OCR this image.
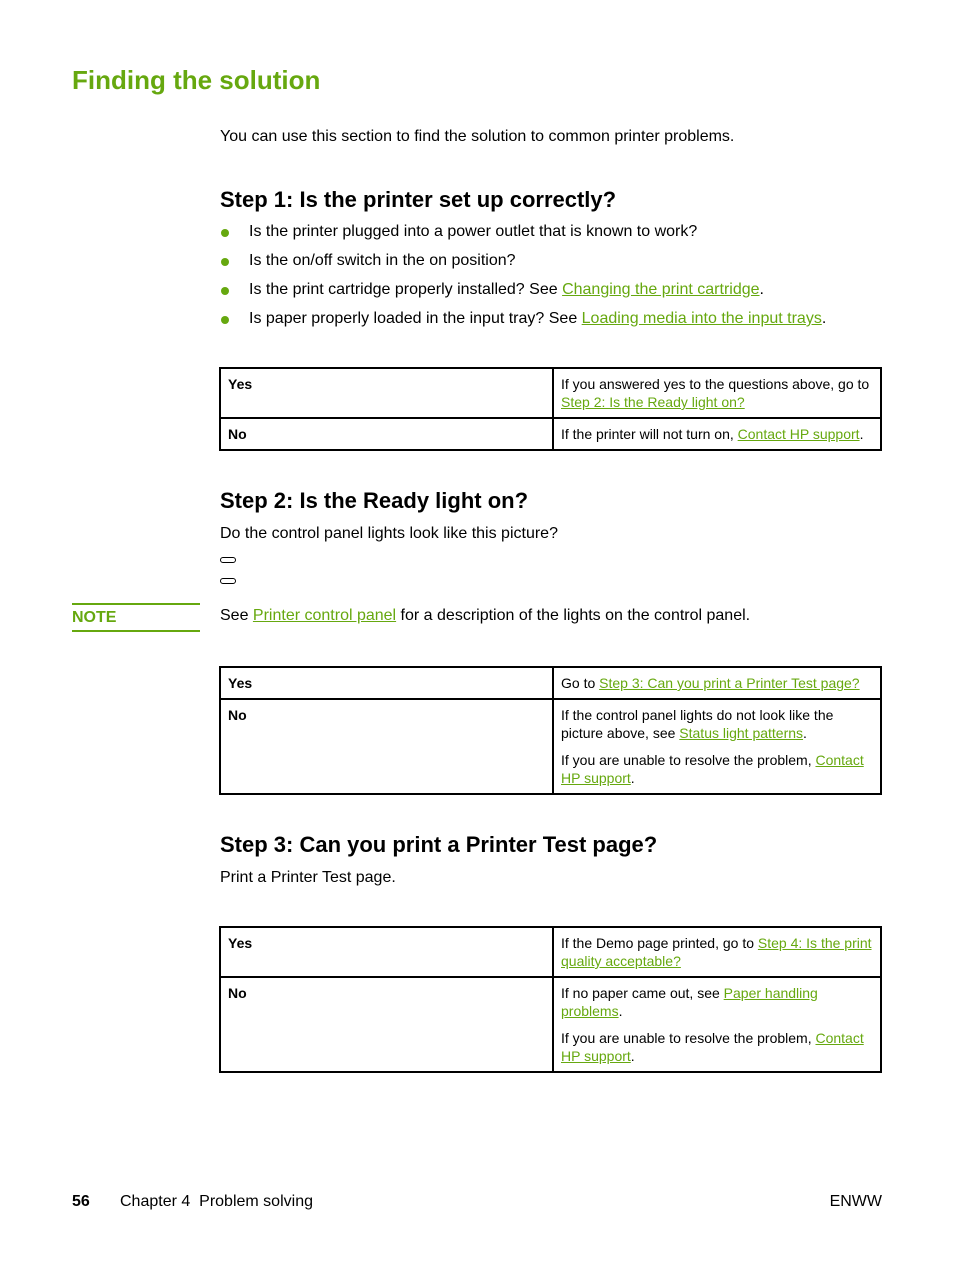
Finding the solution
You can use this section to find the solution to common printer problems.
Step 1: Is the printer set up correctly?
Is the printer plugged into a power outlet that is known to work?
Is the on/off switch in the on position?
Is the print cartridge properly installed? See Changing the print cartridge.
Is paper properly loaded in the input tray? See Loading media into the input trays.
Yes	If you answered yes to the questions above, go to Step 2: Is the Ready light on?
No	If the printer will not turn on, Contact HP support.
Step 2: Is the Ready light on?
Do the control panel lights look like this picture?
NOTE	See Printer control panel for a description of the lights on the control panel.
Yes	Go to Step 3: Can you print a Printer Test page?
No	If the control panel lights do not look like the picture above, see Status light patterns.

If you are unable to resolve the problem, Contact HP support.

Step 3: Can you print a Printer Test page?
Print a Printer Test page.
Yes	If the Demo page printed, go to Step 4: Is the print quality acceptable?
No	If no paper came out, see Paper handling problems.

If you are unable to resolve the problem, Contact HP support.

56 Chapter 4  Problem solving	ENWW
